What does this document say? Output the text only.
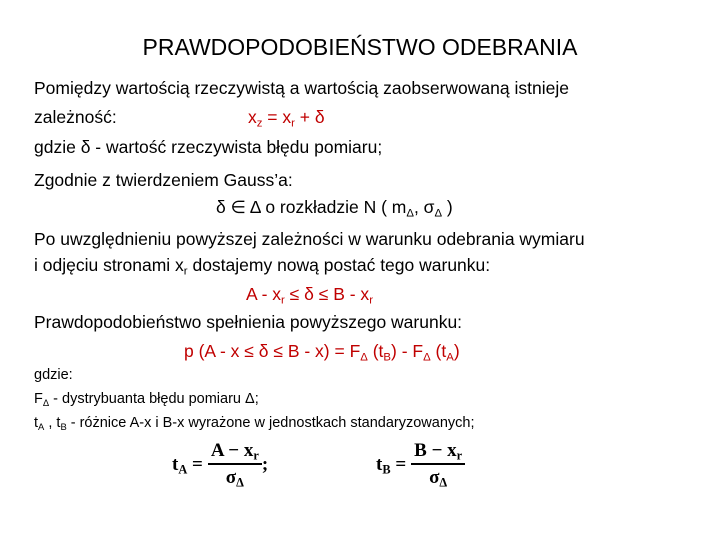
PRAWDOPODOBIEŃSTWO ODEBRANIA
Pomiędzy wartością rzeczywistą a wartością zaobserwowaną istnieje
zależność:	$x_z = x_r + \delta$
gdzie δ - wartość rzeczywista błędu pomiaru;
Zgodnie z twierdzeniem Gauss’a:
δ ∈ Δ o rozkładzie N ( $m_\Delta$, $\sigma_\Delta$ )
Po uwzględnieniu powyższej zależności w warunku odebrania wymiaru
i odjęciu stronami $x_r$ dostajemy nową postać tego warunku:
$A - x_r \le \delta \le B - x_r$
Prawdopodobieństwo spełnienia powyższego warunku:
p $(A - x \le \delta \le B - x) = F_\Delta$ $(t_B) - F_\Delta$ $(t_A)$
gdzie:
$F_\Delta$ - dystrybuanta błędu pomiaru Δ;
$t_A$ , $t_B$ - różnice A-x i B-x wyrażone w jednostkach standaryzowanych;
$t_A = \frac{A - x_r}{\sigma_\Delta}$ ;	$t_B = \frac{B - x_r}{\sigma_\Delta}$
